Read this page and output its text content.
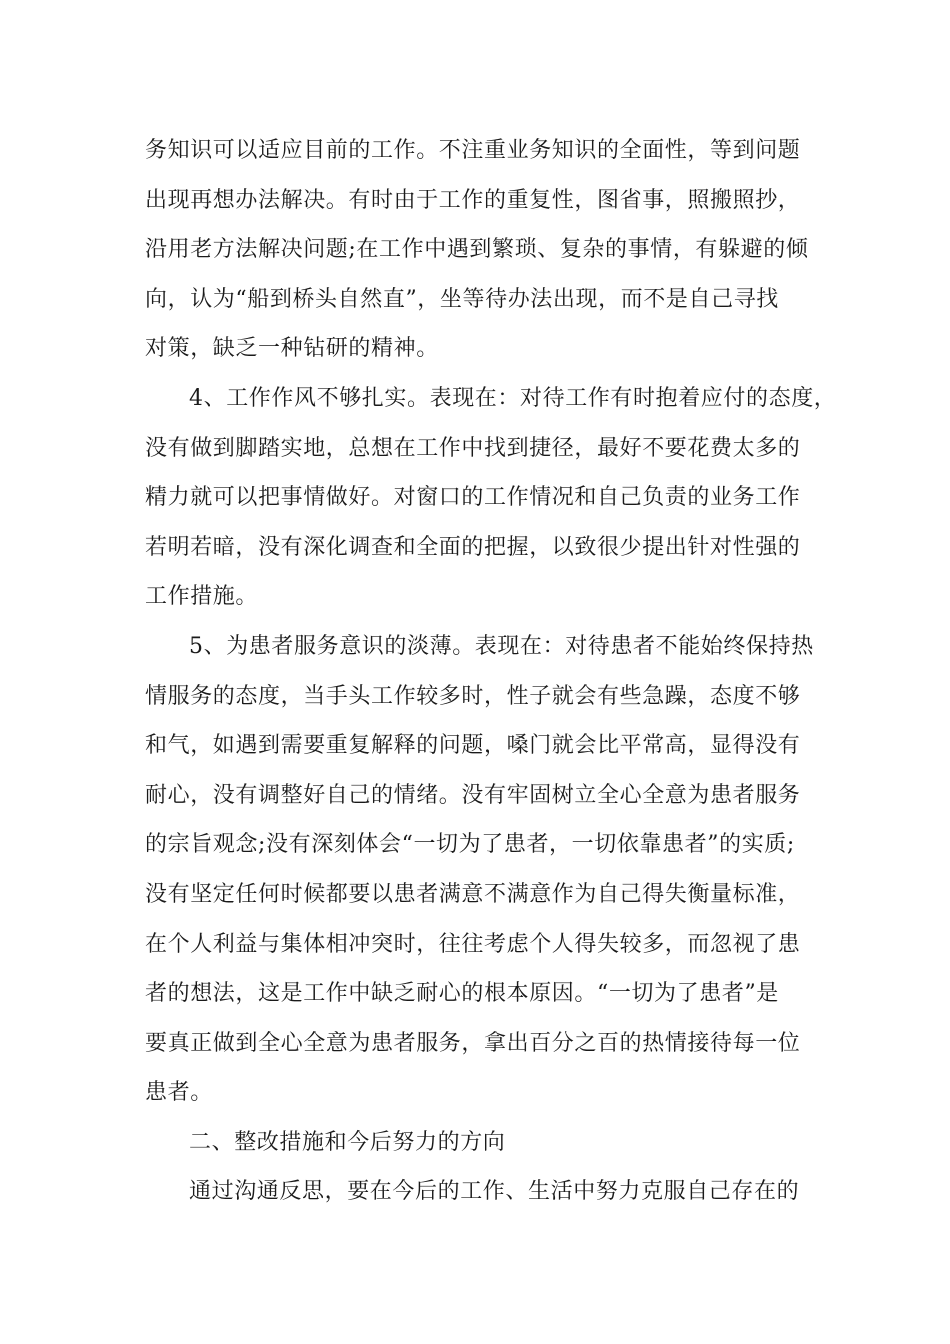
务知识可以适应目前的工作。不注重业务知识的全面性，等到问题
出现再想办法解决。有时由于工作的重复性，图省事，照搬照抄，
沿用老方法解决问题;在工作中遇到繁琐、复杂的事情，有躲避的倾
向，认为“船到桥头自然直”，坐等待办法出现，而不是自己寻找
对策，缺乏一种钻研的精神。
4、工作作风不够扎实。表现在：对待工作有时抱着应付的态度，
没有做到脚踏实地，总想在工作中找到捷径，最好不要花费太多的
精力就可以把事情做好。对窗口的工作情况和自己负责的业务工作
若明若暗，没有深化调查和全面的把握，以致很少提出针对性强的
工作措施。
5、为患者服务意识的淡薄。表现在：对待患者不能始终保持热
情服务的态度，当手头工作较多时，性子就会有些急躁，态度不够
和气，如遇到需要重复解释的问题，嗓门就会比平常高，显得没有
耐心，没有调整好自己的情绪。没有牢固树立全心全意为患者服务
的宗旨观念;没有深刻体会“一切为了患者，一切依靠患者”的实质;
没有坚定任何时候都要以患者满意不满意作为自己得失衡量标准，
在个人利益与集体相冲突时，往往考虑个人得失较多，而忽视了患
者的想法，这是工作中缺乏耐心的根本原因。“一切为了患者”是
要真正做到全心全意为患者服务，拿出百分之百的热情接待每一位
患者。
二、整改措施和今后努力的方向
通过沟通反思，要在今后的工作、生活中努力克服自己存在的
